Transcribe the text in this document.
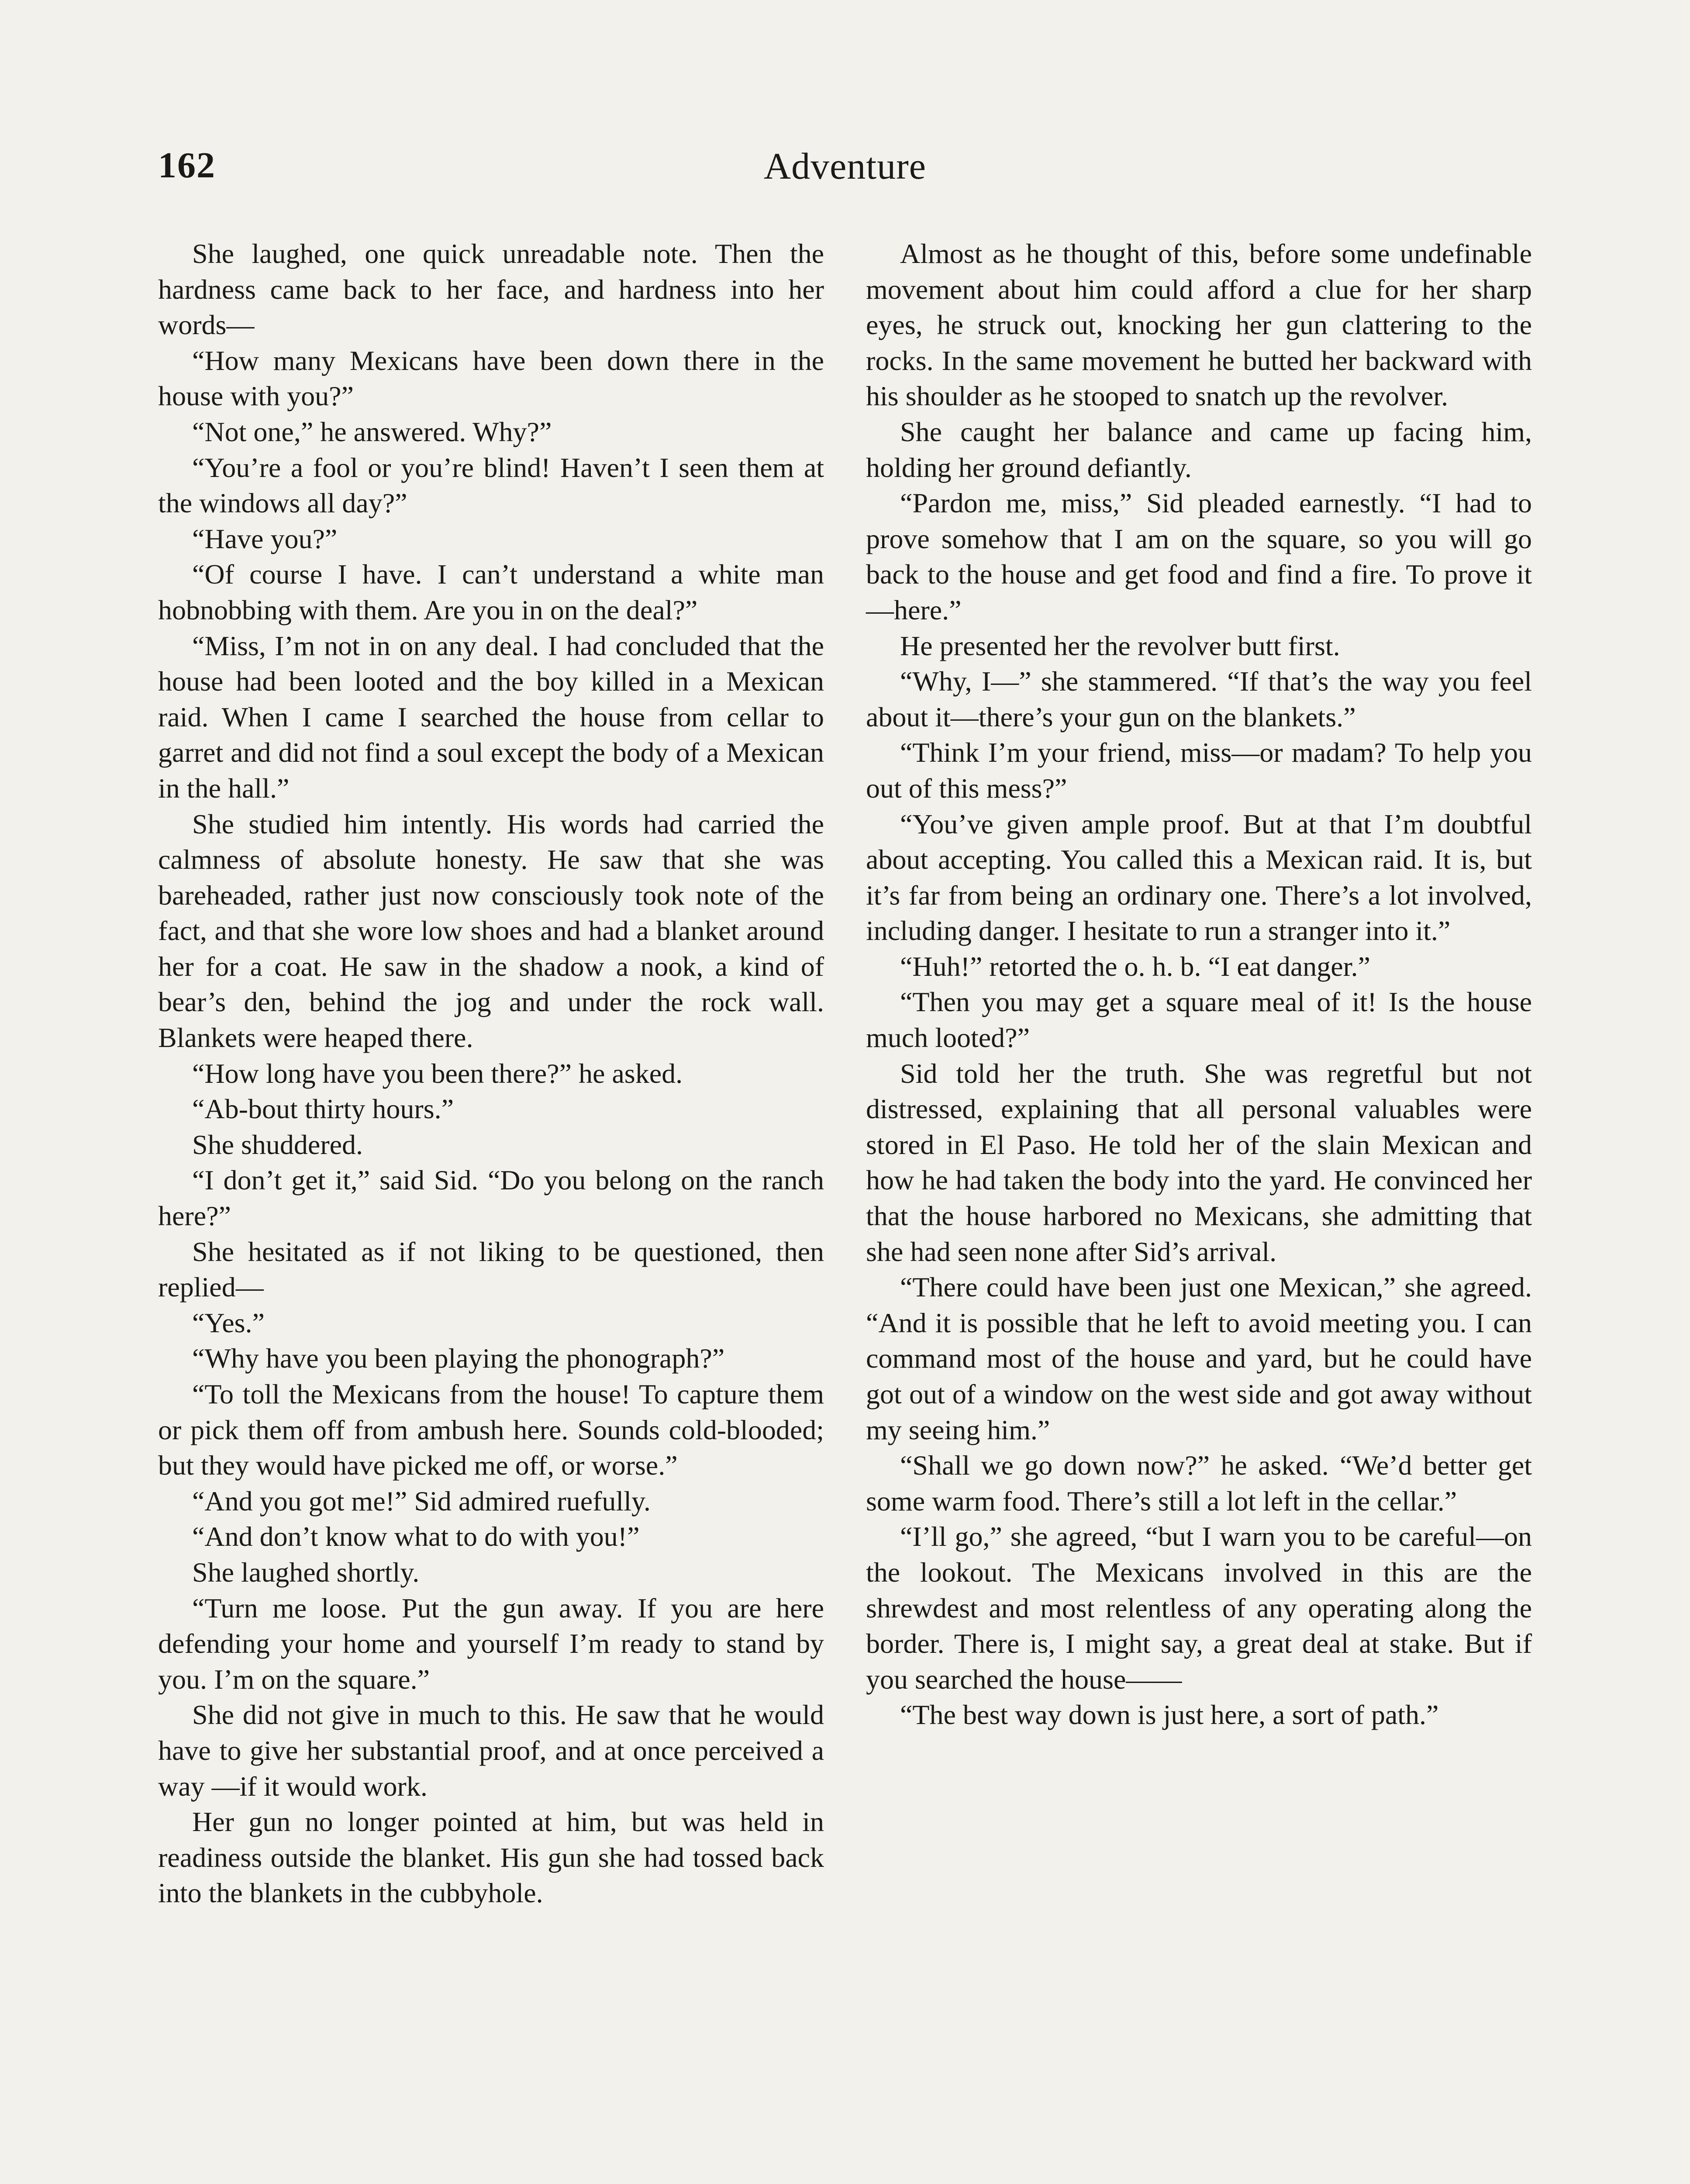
162	Adventure

She laughed, one quick unreadable note. Then the hardness came back to her face, and hardness into her words—

“How many Mexicans have been down there in the house with you?”

“Not one,” he answered. Why?”

“You’re a fool or you’re blind! Haven’t I seen them at the windows all day?”

“Have you?”

“Of course I have. I can’t understand a white man hobnobbing with them. Are you in on the deal?”

“Miss, I’m not in on any deal. I had concluded that the house had been looted and the boy killed in a Mexican raid. When I came I searched the house from cellar to garret and did not find a soul except the body of a Mexican in the hall.”

She studied him intently. His words had carried the calmness of absolute honesty. He saw that she was bareheaded, rather just now consciously took note of the fact, and that she wore low shoes and had a blanket around her for a coat. He saw in the shadow a nook, a kind of bear’s den, behind the jog and under the rock wall. Blankets were heaped there.

“How long have you been there?” he asked.

“Ab-bout thirty hours.”

She shuddered.

“I don’t get it,” said Sid. “Do you belong on the ranch here?”

She hesitated as if not liking to be questioned, then replied—

“Yes.”

“Why have you been playing the phonograph?”

“To toll the Mexicans from the house! To capture them or pick them off from ambush here. Sounds cold-blooded; but they would have picked me off, or worse.”

“And you got me!” Sid admired ruefully.

“And don’t know what to do with you!”

She laughed shortly.

“Turn me loose. Put the gun away. If you are here defending your home and yourself I’m ready to stand by you. I’m on the square.”

She did not give in much to this. He saw that he would have to give her substantial proof, and at once perceived a way —if it would work.

Her gun no longer pointed at him, but was held in readiness outside the blanket. His gun she had tossed back into the blankets in the cubbyhole.

Almost as he thought of this, before some undefinable movement about him could afford a clue for her sharp eyes, he struck out, knocking her gun clattering to the rocks. In the same movement he butted her backward with his shoulder as he stooped to snatch up the revolver.

She caught her balance and came up facing him, holding her ground defiantly.

“Pardon me, miss,” Sid pleaded earnestly. “I had to prove somehow that I am on the square, so you will go back to the house and get food and find a fire. To prove it—here.”

He presented her the revolver butt first.

“Why, I—” she stammered. “If that’s the way you feel about it—there’s your gun on the blankets.”

“Think I’m your friend, miss—or madam? To help you out of this mess?”

“You’ve given ample proof. But at that I’m doubtful about accepting. You called this a Mexican raid. It is, but it’s far from being an ordinary one. There’s a lot involved, including danger. I hesitate to run a stranger into it.”

“Huh!” retorted the o. h. b. “I eat danger.”

“Then you may get a square meal of it! Is the house much looted?”

Sid told her the truth. She was regretful but not distressed, explaining that all personal valuables were stored in El Paso. He told her of the slain Mexican and how he had taken the body into the yard. He convinced her that the house harbored no Mexicans, she admitting that she had seen none after Sid’s arrival.

“There could have been just one Mexican,” she agreed. “And it is possible that he left to avoid meeting you. I can command most of the house and yard, but he could have got out of a window on the west side and got away without my seeing him.”

“Shall we go down now?” he asked. “We’d better get some warm food. There’s still a lot left in the cellar.”

“I’ll go,” she agreed, “but I warn you to be careful—on the lookout. The Mexicans involved in this are the shrewdest and most relentless of any operating along the border. There is, I might say, a great deal at stake. But if you searched the house——

“The best way down is just here, a sort of path.”
